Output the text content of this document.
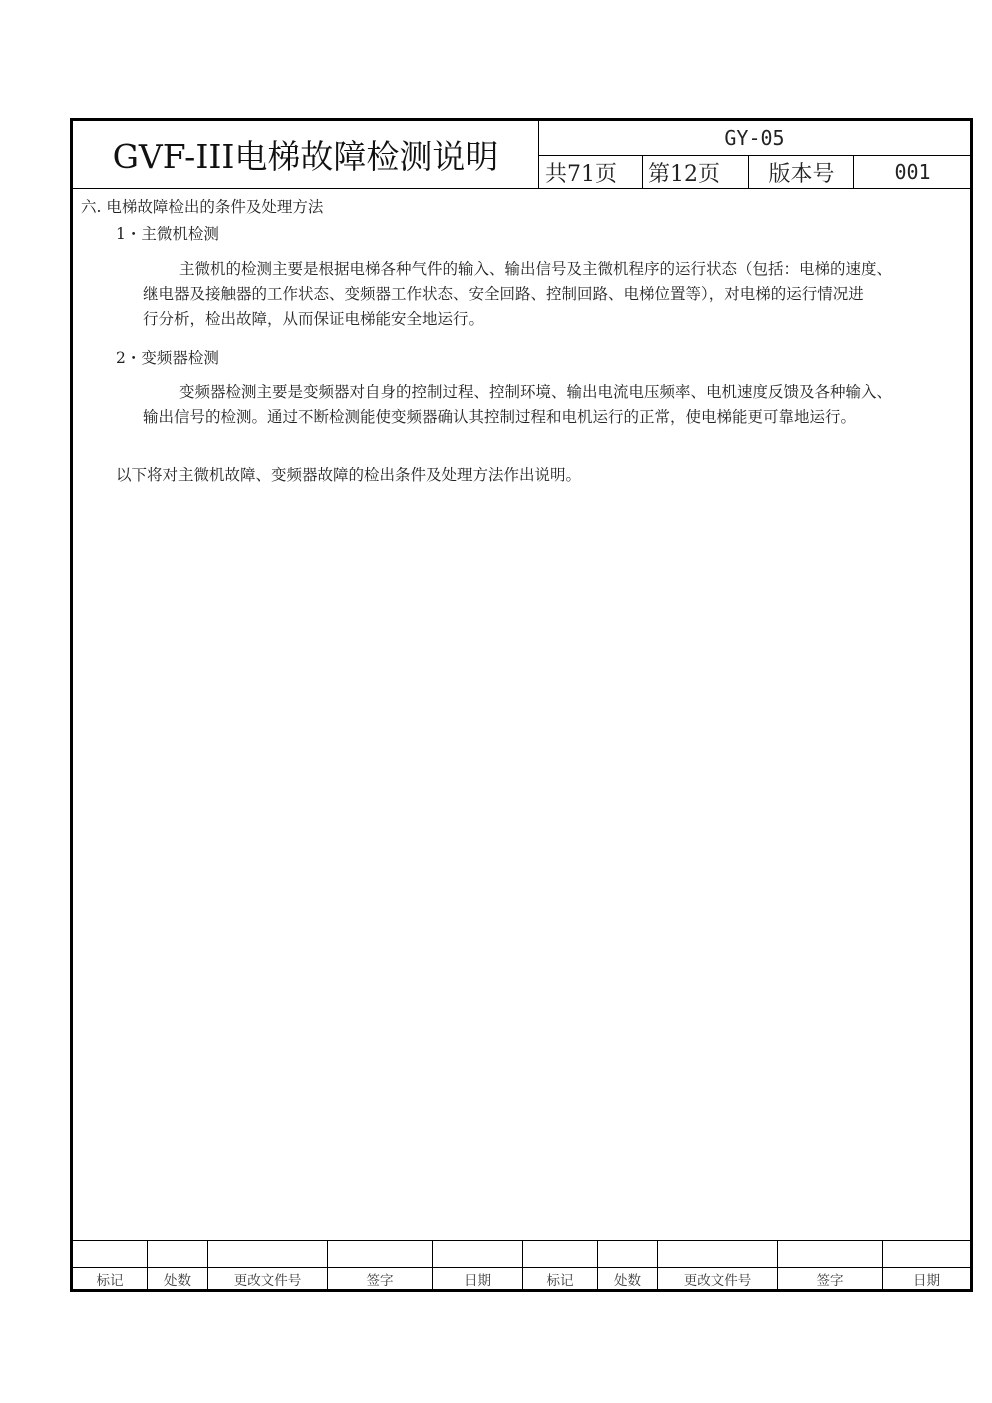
GVF-III电梯故障检测说明	GY-05
共71页	第12页	版本号	001
六. 电梯故障检出的条件及处理方法
1・主微机检测
主微机的检测主要是根据电梯各种气件的输入、输出信号及主微机程序的运行状态（包括：电梯的速度、
继电器及接触器的工作状态、变频器工作状态、安全回路、控制回路、电梯位置等），对电梯的运行情况进
行分析，检出故障，从而保证电梯能安全地运行。
2・变频器检测
变频器检测主要是变频器对自身的控制过程、控制环境、输出电流电压频率、电机速度反馈及各种输入、
输出信号的检测。通过不断检测能使变频器确认其控制过程和电机运行的正常，使电梯能更可靠地运行。
以下将对主微机故障、变频器故障的检出条件及处理方法作出说明。
标记	处数	更改文件号	签字	日期	标记	处数	更改文件号	签字	日期
